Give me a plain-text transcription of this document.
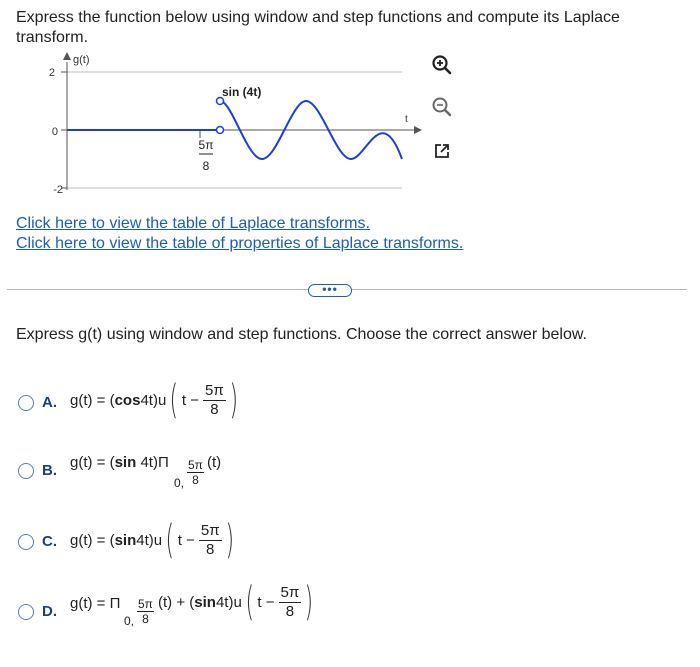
Express the function below using window and step functions and compute its Laplace transform.
2
0
-2
g(t)
t
5π
8
sin (4t)
Click here to view the table of Laplace transforms.
Click here to view the table of properties of Laplace transforms.
•••
Express g(t) using window and step functions. Choose the correct answer below.
A. g(t) = ( cos 4t)u ( $t - \frac{5\pi}{8}$ )
B. g(t) = (sin 4t)Π
0, $\frac{5\pi}{8} (t)$
C. g(t) = ( sin 4t)u ( $t - \frac{5\pi}{8}$ )
D. g(t) = Π
0, $\frac{5\pi}{8} (t)$ + ( sin 4t)u ( $t - \frac{5\pi}{8}$ )
